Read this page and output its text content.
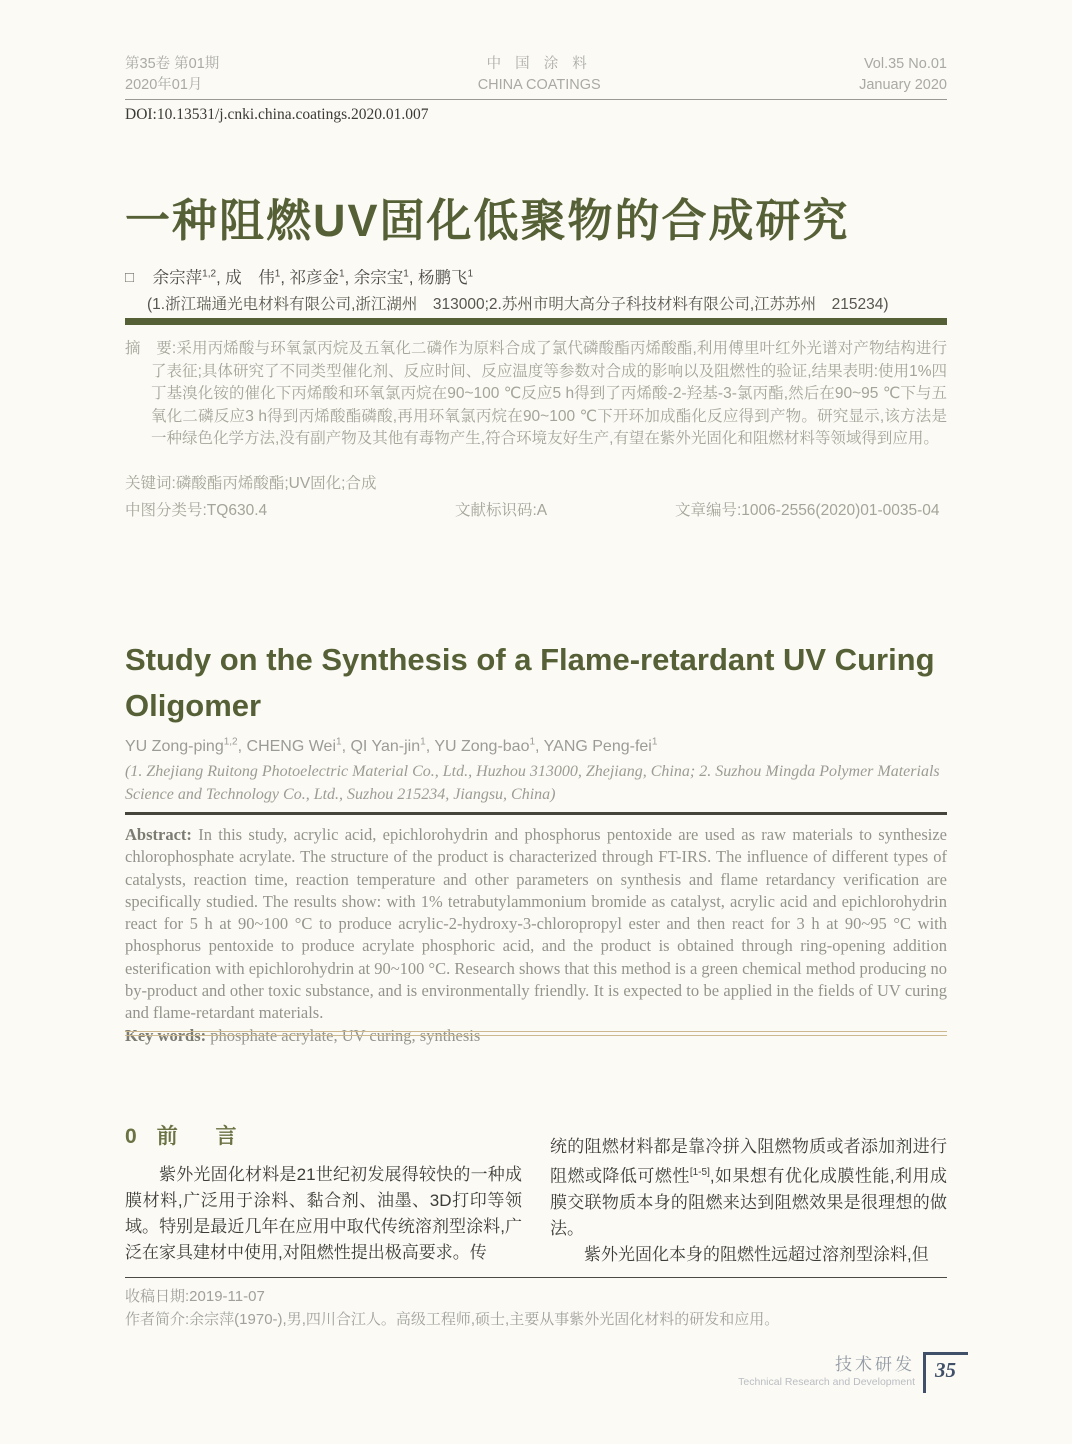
第35卷 第01期
2020年01月
中 国 涂 料
CHINA COATINGS
Vol.35 No.01
January 2020
DOI:10.13531/j.cnki.china.coatings.2020.01.007
一种阻燃UV固化低聚物的合成研究
□ 余宗萍$^{1,2}$, 成　伟$^1$, 祁彦金$^1$, 余宗宝$^1$, 杨鹏飞$^1$
(1.浙江瑞通光电材料有限公司,浙江湖州　313000;2.苏州市明大高分子科技材料有限公司,江苏苏州　215234)
摘　要:采用丙烯酸与环氧氯丙烷及五氧化二磷作为原料合成了氯代磷酸酯丙烯酸酯,利用傅里叶红外光谱对产物结构进行了表征;具体研究了不同类型催化剂、反应时间、反应温度等参数对合成的影响以及阻燃性的验证,结果表明:使用1%四丁基溴化铵的催化下丙烯酸和环氧氯丙烷在90~100 ℃反应5 h得到了丙烯酸-2-羟基-3-氯丙酯,然后在90~95 ℃下与五氧化二磷反应3 h得到丙烯酸酯磷酸,再用环氧氯丙烷在90~100 ℃下开环加成酯化反应得到产物。研究显示,该方法是一种绿色化学方法,没有副产物及其他有毒物产生,符合环境友好生产,有望在紫外光固化和阻燃材料等领域得到应用。
关键词:磷酸酯丙烯酸酯;UV固化;合成
中图分类号:TQ630.4	文献标识码:A	文章编号:1006-2556(2020)01-0035-04
Study on the Synthesis of a Flame-retardant UV Curing Oligomer
YU Zong-ping$^{1,2}$, CHENG Wei$^1$, QI Yan-jin$^1$, YU Zong-bao$^1$, YANG Peng-fei$^1$
(1. Zhejiang Ruitong Photoelectric Material Co., Ltd., Huzhou 313000, Zhejiang, China; 2. Suzhou Mingda Polymer Materials Science and Technology Co., Ltd., Suzhou 215234, Jiangsu, China)

Abstract: In this study, acrylic acid, epichlorohydrin and phosphorus pentoxide are used as raw materials to synthesize chlorophosphate acrylate. The structure of the product is characterized through FT-IRS. The influence of different types of catalysts, reaction time, reaction temperature and other parameters on synthesis and flame retardancy verification are specifically studied. The results show: with 1% tetrabutylammonium bromide as catalyst, acrylic acid and epichlorohydrin react for 5 h at 90~100 °C to produce acrylic-2-hydroxy-3-chloropropyl ester and then react for 3 h at 90~95 °C with phosphorus pentoxide to produce acrylate phosphoric acid, and the product is obtained through ring-opening addition esterification with epichlorohydrin at 90~100 °C. Research shows that this method is a green chemical method producing no by-product and other toxic substance, and is environmentally friendly. It is expected to be applied in the fields of UV curing and flame-retardant materials.

Key words: phosphate acrylate, UV curing, synthesis

0 前 言

紫外光固化材料是21世纪初发展得较快的一种成膜材料,广泛用于涂料、黏合剂、油墨、3D打印等领域。特别是最近几年在应用中取代传统溶剂型涂料,广泛在家具建材中使用,对阻燃性提出极高要求。传

统的阻燃材料都是靠冷拼入阻燃物质或者添加剂进行阻燃或降低可燃性[1-5],如果想有优化成膜性能,利用成膜交联物质本身的阻燃来达到阻燃效果是很理想的做法。

紫外光固化本身的阻燃性远超过溶剂型涂料,但

收稿日期:2019-11-07
作者简介:余宗萍(1970-),男,四川合江人。高级工程师,硕士,主要从事紫外光固化材料的研发和应用。
技术研发
Technical Research and Development 35
